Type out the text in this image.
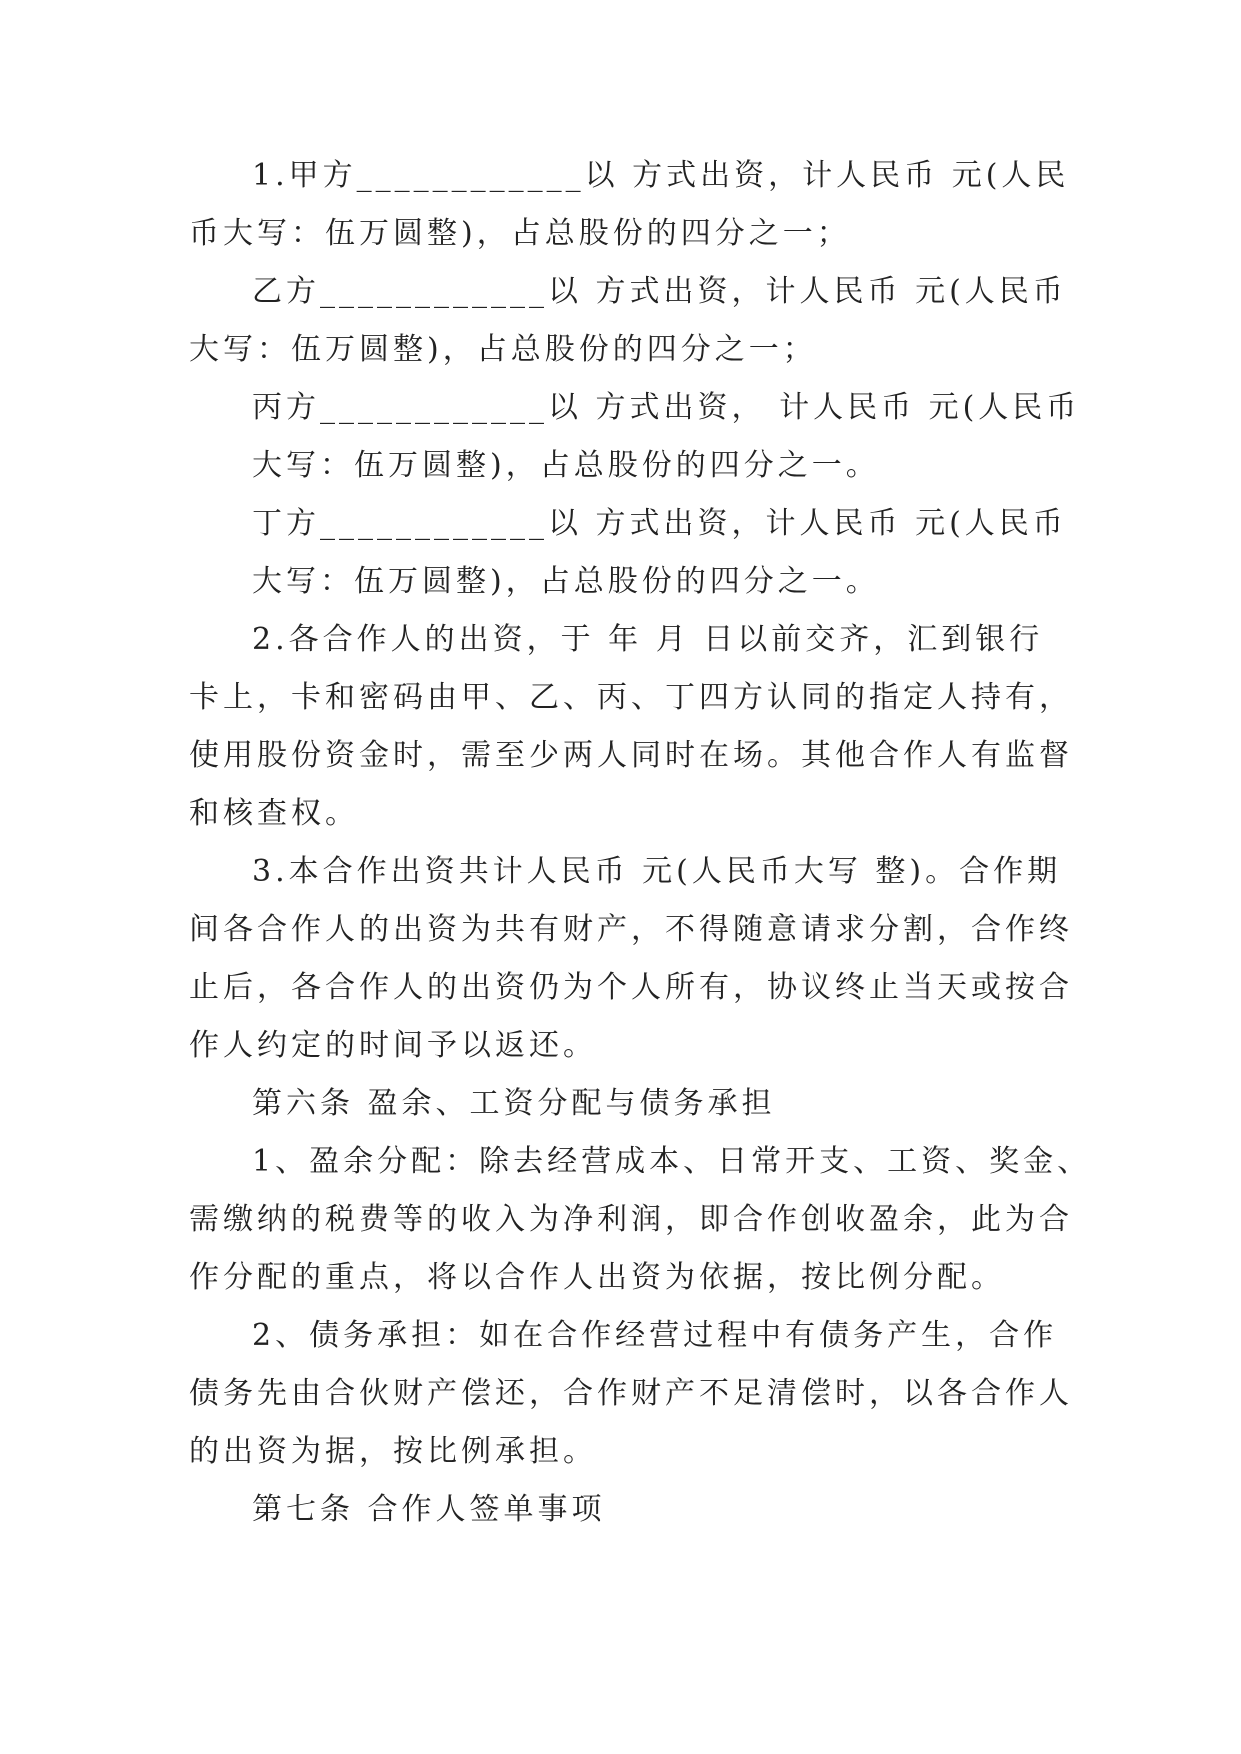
1.甲方____________以 方式出资，计人民币 元(人民
币大写：伍万圆整)，占总股份的四分之一；
乙方____________以 方式出资，计人民币 元(人民币
大写：伍万圆整)，占总股份的四分之一；
丙方____________以 方式出资， 计人民币 元(人民币
大写：伍万圆整)，占总股份的四分之一。
丁方____________以 方式出资，计人民币 元(人民币
大写：伍万圆整)，占总股份的四分之一。
2.各合作人的出资，于 年 月 日以前交齐，汇到银行
卡上，卡和密码由甲、乙、丙、丁四方认同的指定人持有，
使用股份资金时，需至少两人同时在场。其他合作人有监督
和核查权。
3.本合作出资共计人民币 元(人民币大写 整)。合作期
间各合作人的出资为共有财产，不得随意请求分割，合作终
止后，各合作人的出资仍为个人所有，协议终止当天或按合
作人约定的时间予以返还。
第六条 盈余、工资分配与债务承担
1、盈余分配：除去经营成本、日常开支、工资、奖金、
需缴纳的税费等的收入为净利润，即合作创收盈余，此为合
作分配的重点，将以合作人出资为依据，按比例分配。
2、债务承担：如在合作经营过程中有债务产生，合作
债务先由合伙财产偿还，合作财产不足清偿时，以各合作人
的出资为据，按比例承担。
第七条 合作人签单事项
